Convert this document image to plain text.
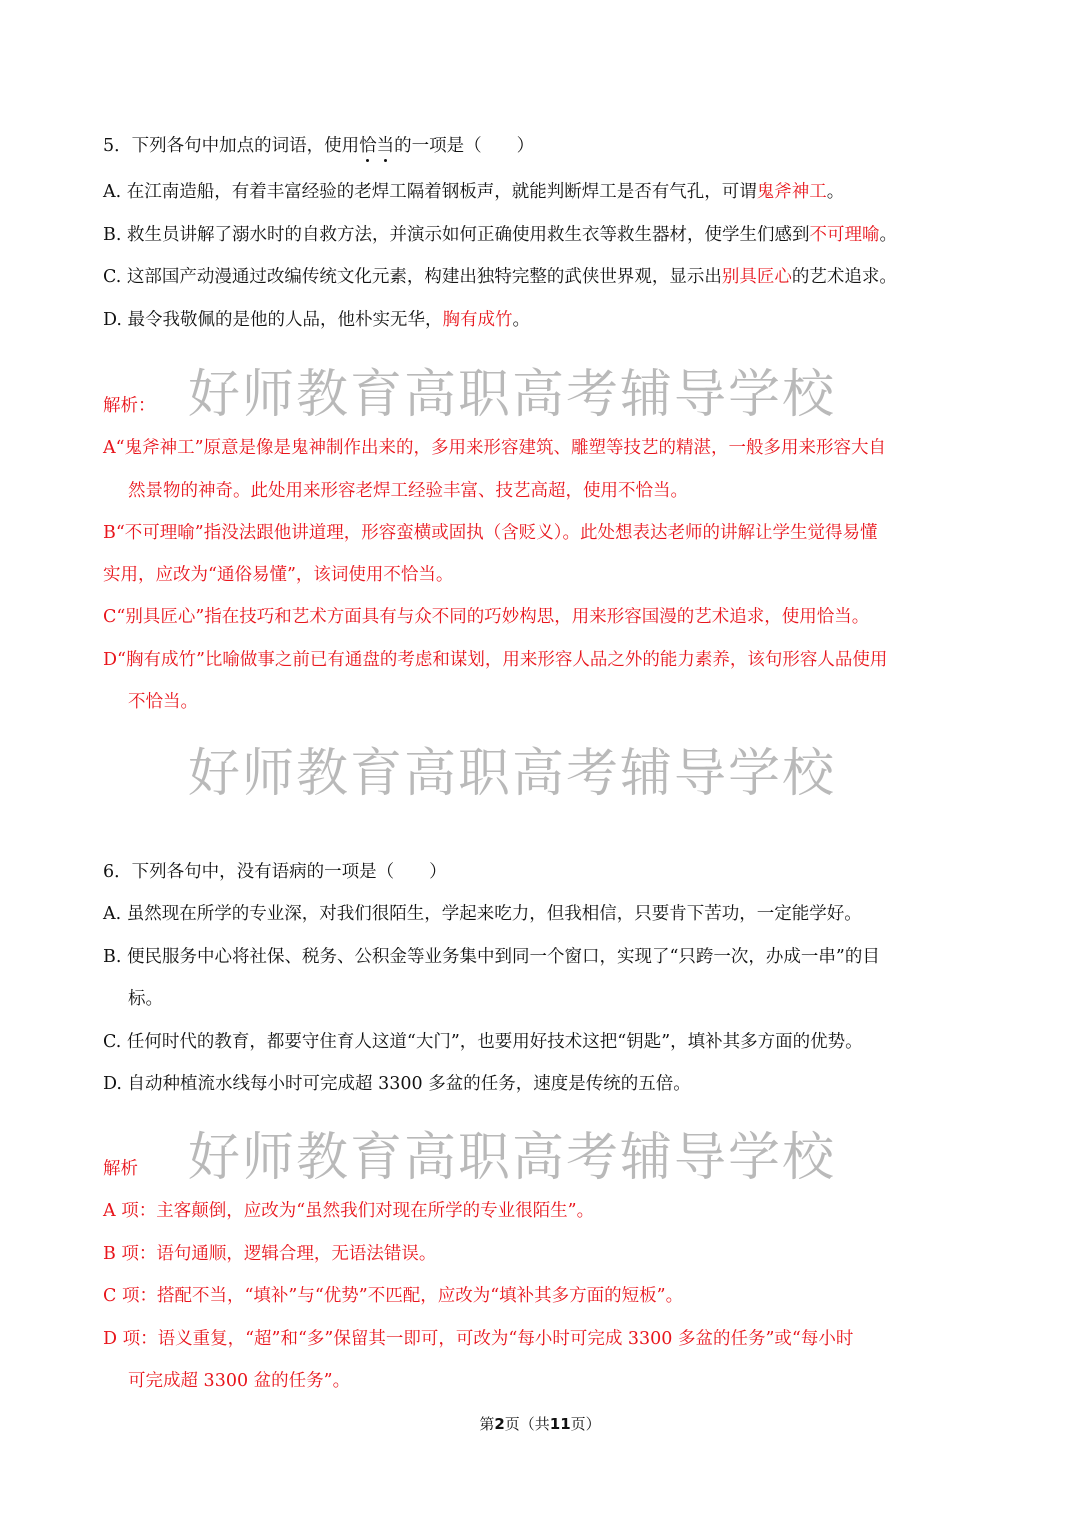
5．下列各句中加点的词语，使用恰当的一项是（　　）
A. 在江南造船，有着丰富经验的老焊工隔着钢板声，就能判断焊工是否有气孔，可谓鬼斧神工。
B. 救生员讲解了溺水时的自救方法，并演示如何正确使用救生衣等救生器材，使学生们感到不可理喻。
C. 这部国产动漫通过改编传统文化元素，构建出独特完整的武侠世界观，显示出别具匠心的艺术追求。
D. 最令我敬佩的是他的人品，他朴实无华，胸有成竹。
好师教育高职高考辅导学校
解析：
A“鬼斧神工”原意是像是鬼神制作出来的，多用来形容建筑、雕塑等技艺的精湛，一般多用来形容大自
然景物的神奇。此处用来形容老焊工经验丰富、技艺高超，使用不恰当。
B“不可理喻”指没法跟他讲道理，形容蛮横或固执（含贬义）。此处想表达老师的讲解让学生觉得易懂
实用，应改为“通俗易懂”，该词使用不恰当。
C“别具匠心”指在技巧和艺术方面具有与众不同的巧妙构思，用来形容国漫的艺术追求，使用恰当。
D“胸有成竹”比喻做事之前已有通盘的考虑和谋划，用来形容人品之外的能力素养，该句形容人品使用
不恰当。
好师教育高职高考辅导学校
6．下列各句中，没有语病的一项是（　　）
A. 虽然现在所学的专业深，对我们很陌生，学起来吃力，但我相信，只要肯下苦功，一定能学好。
B. 便民服务中心将社保、税务、公积金等业务集中到同一个窗口，实现了“只跨一次，办成一串”的目
标。
C. 任何时代的教育，都要守住育人这道“大门”，也要用好技术这把“钥匙”，填补其多方面的优势。
D. 自动种植流水线每小时可完成超 3300 多盆的任务，速度是传统的五倍。
好师教育高职高考辅导学校
解析
A 项：主客颠倒，应改为“虽然我们对现在所学的专业很陌生”。
B 项：语句通顺，逻辑合理，无语法错误。
C 项：搭配不当，“填补”与“优势”不匹配，应改为“填补其多方面的短板”。
D 项：语义重复，“超”和“多”保留其一即可，可改为“每小时可完成 3300 多盆的任务”或“每小时
可完成超 3300 盆的任务”。
第2页（共11页）
